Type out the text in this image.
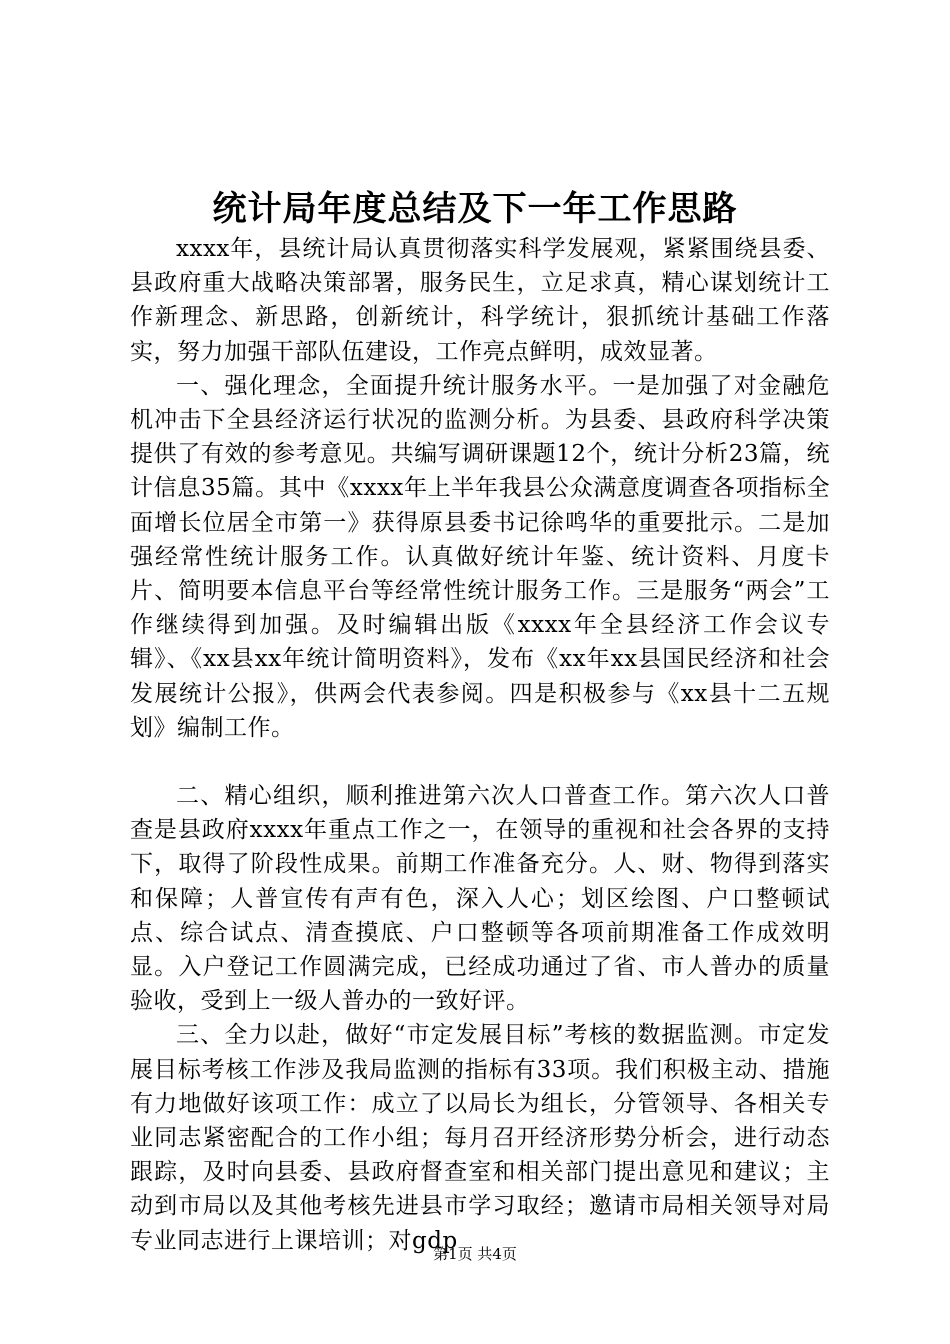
统计局年度总结及下一年工作思路

xxxx年，县统计局认真贯彻落实科学发展观，紧紧围绕县委、县政府重大战略决策部署，服务民生，立足求真，精心谋划统计工作新理念、新思路，创新统计，科学统计，狠抓统计基础工作落实，努力加强干部队伍建设，工作亮点鲜明，成效显著。

一、强化理念，全面提升统计服务水平。一是加强了对金融危机冲击下全县经济运行状况的监测分析。为县委、县政府科学决策提供了有效的参考意见。共编写调研课题12个，统计分析23篇，统计信息35篇。其中《xxxx年上半年我县公众满意度调查各项指标全面增长位居全市第一》获得原县委书记徐鸣华的重要批示。二是加强经常性统计服务工作。认真做好统计年鉴、统计资料、月度卡片、简明要本信息平台等经常性统计服务工作。三是服务“两会”工作继续得到加强。及时编辑出版《xxxx年全县经济工作会议专辑》、《xx县xx年统计简明资料》，发布《xx年xx县国民经济和社会发展统计公报》，供两会代表参阅。四是积极参与《xx县十二五规划》编制工作。

二、精心组织，顺利推进第六次人口普查工作。第六次人口普查是县政府xxxx年重点工作之一，在领导的重视和社会各界的支持下，取得了阶段性成果。前期工作准备充分。人、财、物得到落实和保障；人普宣传有声有色，深入人心；划区绘图、户口整顿试点、综合试点、清查摸底、户口整顿等各项前期准备工作成效明显。入户登记工作圆满完成，已经成功通过了省、市人普办的质量验收，受到上一级人普办的一致好评。

三、全力以赴，做好“市定发展目标”考核的数据监测。市定发展目标考核工作涉及我局监测的指标有33项。我们积极主动、措施有力地做好该项工作：成立了以局长为组长，分管领导、各相关专业同志紧密配合的工作小组；每月召开经济形势分析会，进行动态跟踪，及时向县委、县政府督查室和相关部门提出意见和建议；主动到市局以及其他考核先进县市学习取经；邀请市局相关领导对局专业同志进行上课培训；对gdp

第1页 共4页
